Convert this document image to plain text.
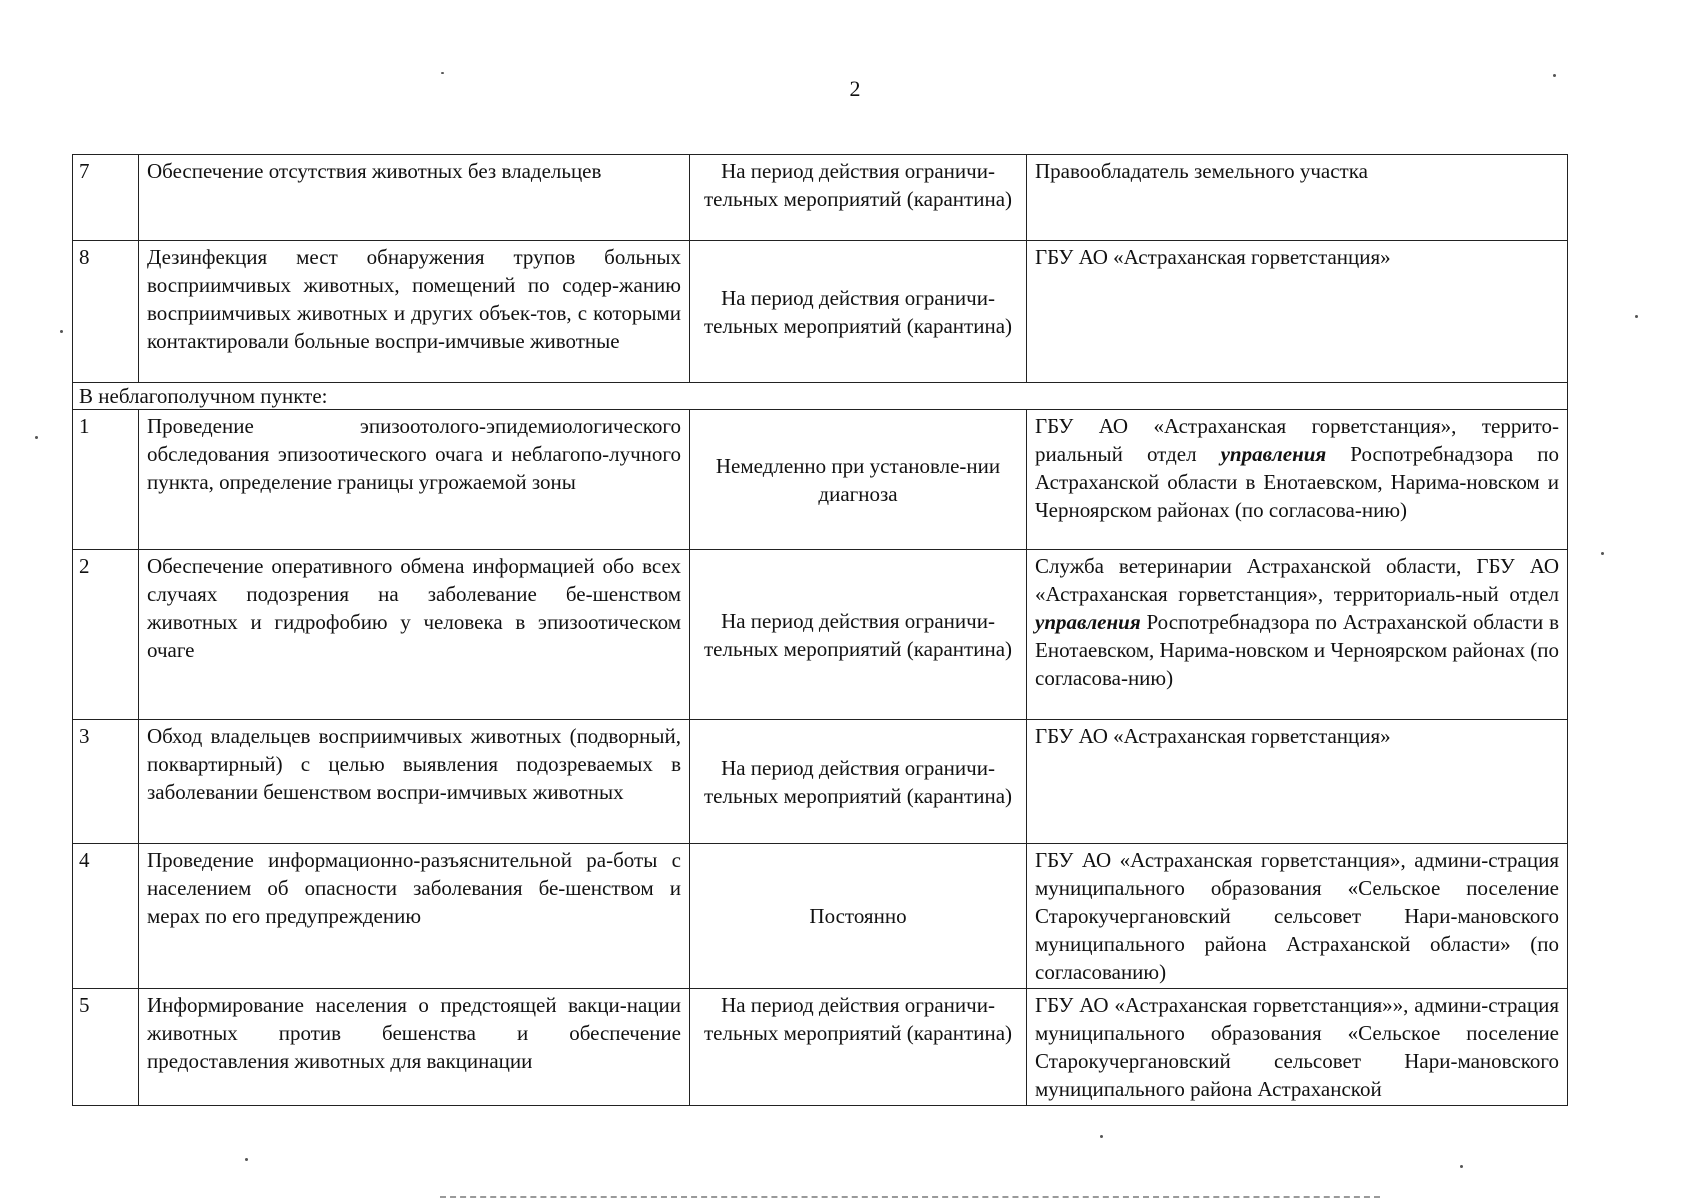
2
7	Обеспечение отсутствия животных без владельцев	На период действия ограничи-тельных мероприятий (карантина)	Правообладатель земельного участка
8	Дезинфекция мест обнаружения трупов больных восприимчивых животных, помещений по содер-жанию восприимчивых животных и других объек-тов, с которыми контактировали больные воспри-имчивые животные	На период действия ограничи-тельных мероприятий (карантина)	ГБУ АО «Астраханская горветстанция»
В неблагополучном пункте:			
1	Проведение эпизоотолого-эпидемиологического обследования эпизоотического очага и неблагопо-лучного пункта, определение границы угрожаемой зоны	Немедленно при установле-нии диагноза	ГБУ АО «Астраханская горветстанция», террито-риальный отдел управления Роспотребнадзора по Астраханской области в Енотаевском, Нарима-новском и Черноярском районах (по согласова-нию)
2	Обеспечение оперативного обмена информацией обо всех случаях подозрения на заболевание бе-шенством животных и гидрофобию у человека в эпизоотическом очаге	На период действия ограничи-тельных мероприятий (карантина)	Служба ветеринарии Астраханской области, ГБУ АО «Астраханская горветстанция», территориаль-ный отдел управления Роспотребнадзора по Астраханской области в Енотаевском, Нарима-новском и Черноярском районах (по согласова-нию)
3	Обход владельцев восприимчивых животных (подворный, поквартирный) с целью выявления подозреваемых в заболевании бешенством воспри-имчивых животных	На период действия ограничи-тельных мероприятий (карантина)	ГБУ АО «Астраханская горветстанция»
4	Проведение информационно-разъяснительной ра-боты с населением об опасности заболевания бе-шенством и мерах по его предупреждению	Постоянно	ГБУ АО «Астраханская горветстанция», админи-страция муниципального образования «Сельское поселение Старокучергановский сельсовет Нари-мановского муниципального района Астраханской области» (по согласованию)
5	Информирование населения о предстоящей вакци-нации животных против бешенства и обеспечение предоставления животных для вакцинации	На период действия ограничи-тельных мероприятий (карантина)	ГБУ АО «Астраханская горветстанция»», админи-страция муниципального образования «Сельское поселение Старокучергановский сельсовет Нари-мановского муниципального района Астраханской
